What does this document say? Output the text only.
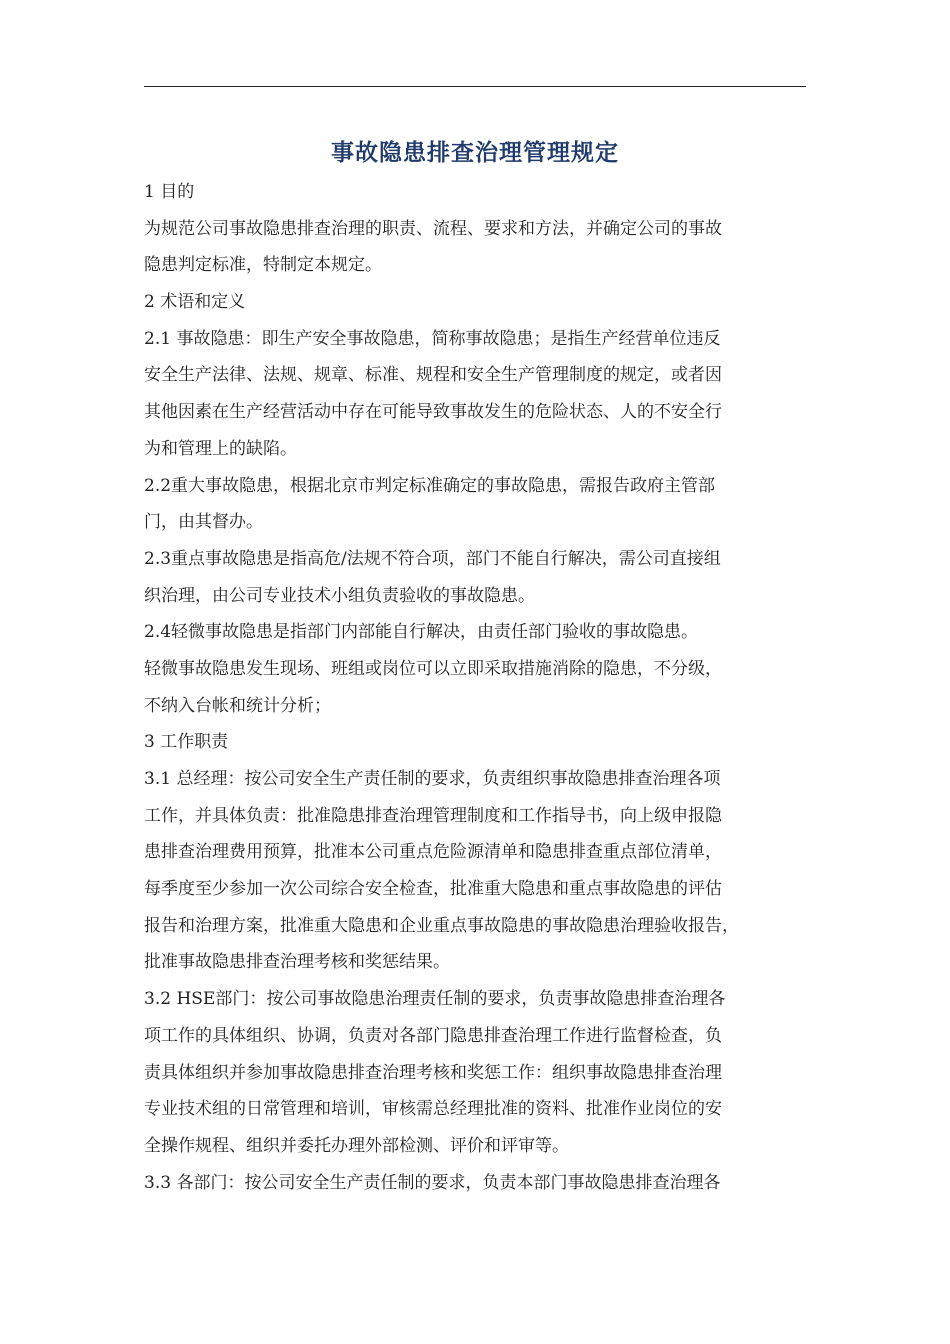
事故隐患排查治理管理规定
1 目的
为规范公司事故隐患排查治理的职责、流程、要求和方法，并确定公司的事故
隐患判定标准，特制定本规定。
2 术语和定义
2.1 事故隐患：即生产安全事故隐患，简称事故隐患；是指生产经营单位违反
安全生产法律、法规、规章、标准、规程和安全生产管理制度的规定，或者因
其他因素在生产经营活动中存在可能导致事故发生的危险状态、人的不安全行
为和管理上的缺陷。
2.2重大事故隐患，根据北京市判定标准确定的事故隐患，需报告政府主管部
门，由其督办。
2.3重点事故隐患是指高危/法规不符合项，部门不能自行解决，需公司直接组
织治理，由公司专业技术小组负责验收的事故隐患。
2.4轻微事故隐患是指部门内部能自行解决，由责任部门验收的事故隐患。
轻微事故隐患发生现场、班组或岗位可以立即采取措施消除的隐患，不分级，
不纳入台帐和统计分析；
3 工作职责
3.1 总经理：按公司安全生产责任制的要求，负责组织事故隐患排查治理各项
工作，并具体负责：批准隐患排查治理管理制度和工作指导书，向上级申报隐
患排查治理费用预算，批准本公司重点危险源清单和隐患排查重点部位清单，
每季度至少参加一次公司综合安全检查，批准重大隐患和重点事故隐患的评估
报告和治理方案，批准重大隐患和企业重点事故隐患的事故隐患治理验收报告，
批准事故隐患排查治理考核和奖惩结果。
3.2 HSE部门：按公司事故隐患治理责任制的要求，负责事故隐患排查治理各
项工作的具体组织、协调，负责对各部门隐患排查治理工作进行监督检查，负
责具体组织并参加事故隐患排查治理考核和奖惩工作：组织事故隐患排查治理
专业技术组的日常管理和培训，审核需总经理批准的资料、批准作业岗位的安
全操作规程、组织并委托办理外部检测、评价和评审等。
3.3 各部门：按公司安全生产责任制的要求，负责本部门事故隐患排查治理各
